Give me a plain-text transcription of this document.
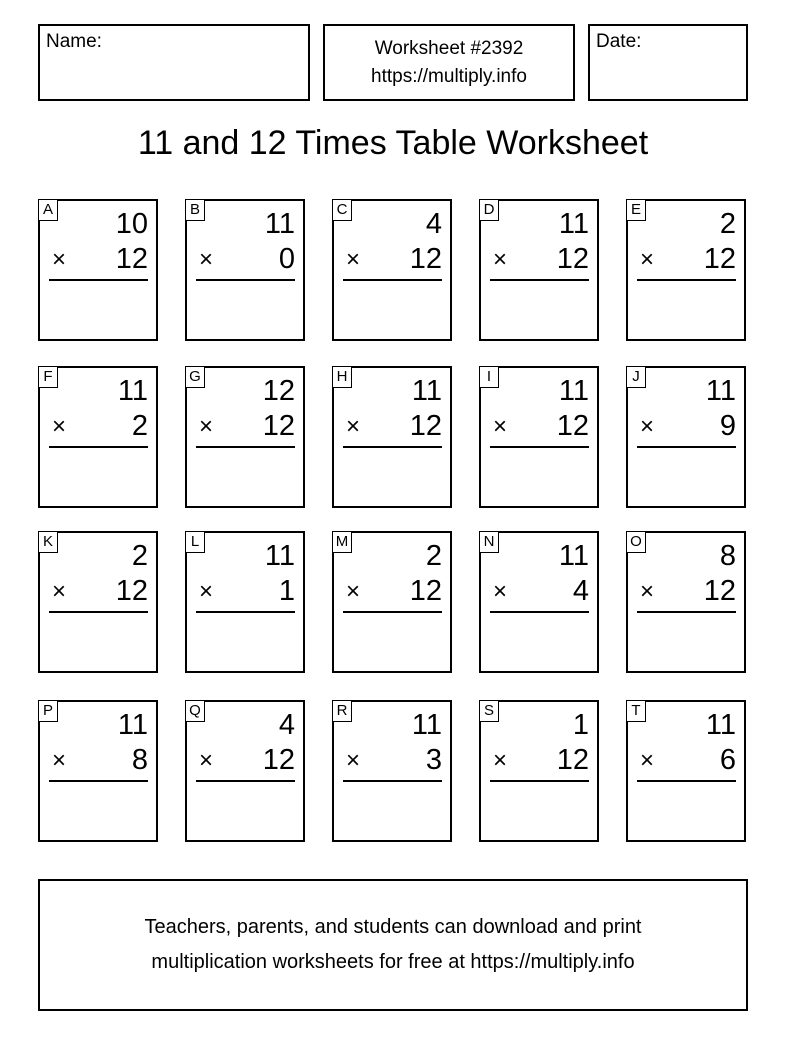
Name:	Worksheet #2392
https://multiply.info
Date:
11 and 12 Times Table Worksheet
A 10
× 12
B 11
× 0
C	4
× 12
D 11
× 12
E	2
× 12
F 11
× 2
G 12
× 12
H 11
× 12
I 11
× 12
J 11
× 9
K	2
× 12
L 11
× 1
M	2
× 12
N 11
× 4
O	8
× 12
P 11
× 8
Q	4
× 12
R 11
× 3
S	1
× 12
T 11
× 6
Teachers, parents, and students can download and print
multiplication worksheets for free at https://multiply.info
